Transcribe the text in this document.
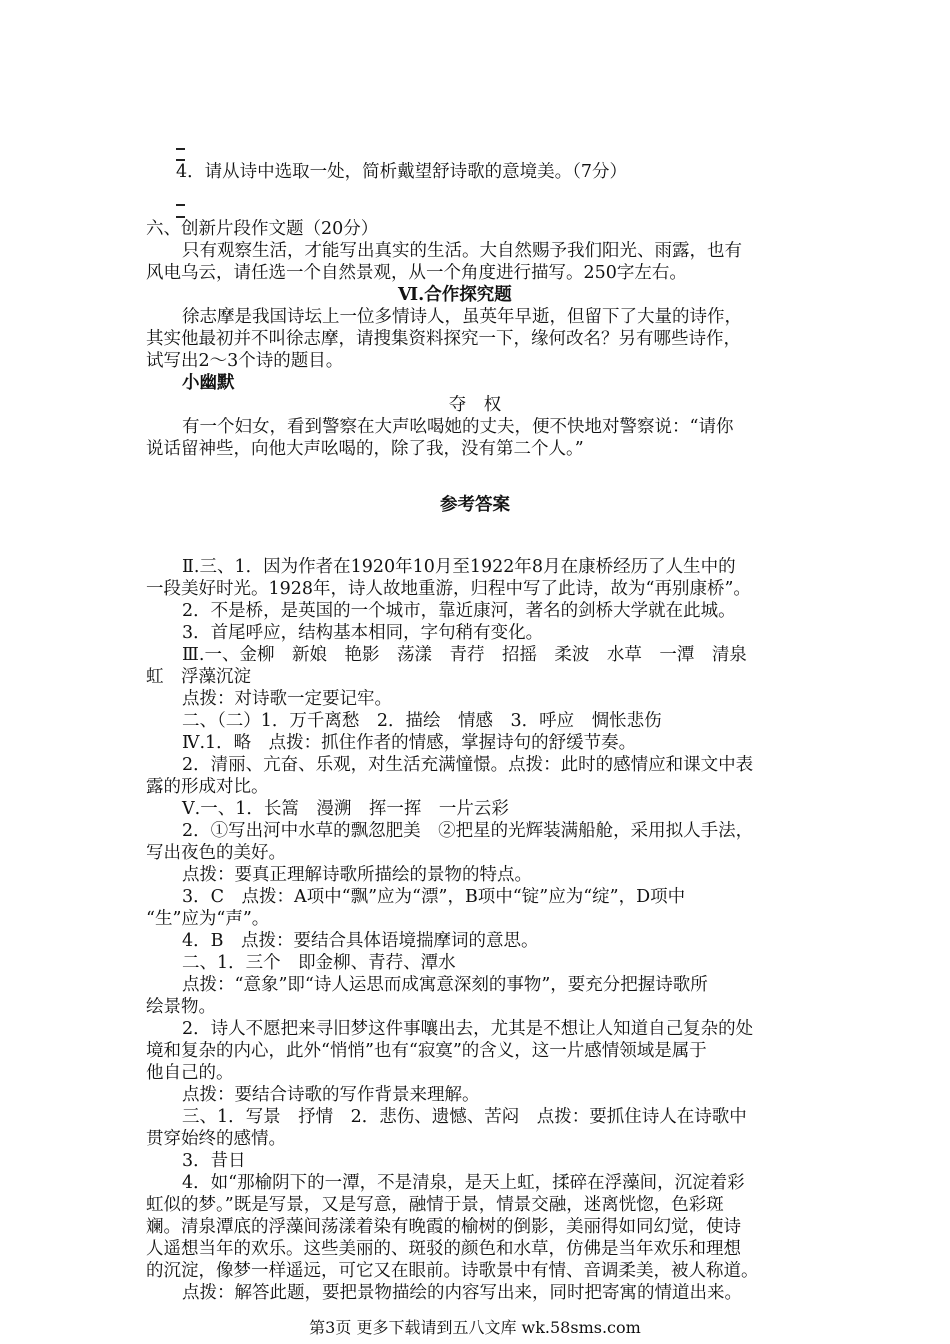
4．请从诗中选取一处，简析戴望舒诗歌的意境美。（7分）
六、创新片段作文题（20分）
只有观察生活，才能写出真实的生活。大自然赐予我们阳光、雨露，也有
风电乌云，请任选一个自然景观，从一个角度进行描写。250字左右。
Ⅵ.合作探究题
徐志摩是我国诗坛上一位多情诗人，虽英年早逝，但留下了大量的诗作，
其实他最初并不叫徐志摩，请搜集资料探究一下，缘何改名？另有哪些诗作，
试写出2～3个诗的题目。
小幽默
夺　权
有一个妇女，看到警察在大声吆喝她的丈夫，便不快地对警察说：“请你
说话留神些，向他大声吆喝的，除了我，没有第二个人。”
参考答案
Ⅱ.三、1．因为作者在1920年10月至1922年8月在康桥经历了人生中的
一段美好时光。1928年，诗人故地重游，归程中写了此诗，故为“再别康桥”。
2．不是桥，是英国的一个城市，靠近康河，著名的剑桥大学就在此城。
3．首尾呼应，结构基本相同，字句稍有变化。
Ⅲ.一、金柳　新娘　艳影　荡漾　青荇　招摇　柔波　水草　一潭　清泉
虹　浮藻沉淀
点拨：对诗歌一定要记牢。
二、（二）1．万千离愁　2．描绘　情感　3．呼应　惆怅悲伤
Ⅳ.1．略　点拨：抓住作者的情感，掌握诗句的舒缓节奏。
2．清丽、亢奋、乐观，对生活充满憧憬。点拨：此时的感情应和课文中表
露的形成对比。
Ⅴ.一、1．长篙　漫溯　挥一挥　一片云彩
2．①写出河中水草的飘忽肥美　②把星的光辉装满船舱，采用拟人手法，
写出夜色的美好。
点拨：要真正理解诗歌所描绘的景物的特点。
3．C　点拨：A项中“飘”应为“漂”，B项中“锭”应为“绽”，D项中
“生”应为“声”。
4．B　点拨：要结合具体语境揣摩词的意思。
二、1．三个　即金柳、青荇、潭水
点拨：“意象”即“诗人运思而成寓意深刻的事物”，要充分把握诗歌所
绘景物。
2．诗人不愿把来寻旧梦这件事嚷出去，尤其是不想让人知道自己复杂的处
境和复杂的内心，此外“悄悄”也有“寂寞”的含义，这一片感情领域是属于
他自己的。
点拨：要结合诗歌的写作背景来理解。
三、1．写景　抒情　2．悲伤、遗憾、苦闷　点拨：要抓住诗人在诗歌中
贯穿始终的感情。
3．昔日
4．如“那榆阴下的一潭，不是清泉，是天上虹，揉碎在浮藻间，沉淀着彩
虹似的梦。”既是写景，又是写意，融情于景，情景交融，迷离恍惚，色彩斑
斓。清泉潭底的浮藻间荡漾着染有晚霞的榆树的倒影，美丽得如同幻觉，使诗
人遥想当年的欢乐。这些美丽的、斑驳的颜色和水草，仿佛是当年欢乐和理想
的沉淀，像梦一样遥远，可它又在眼前。诗歌景中有情、音调柔美，被人称道。
点拨：解答此题，要把景物描绘的内容写出来，同时把寄寓的情道出来。
第3页 更多下载请到五八文库 wk.58sms.com
